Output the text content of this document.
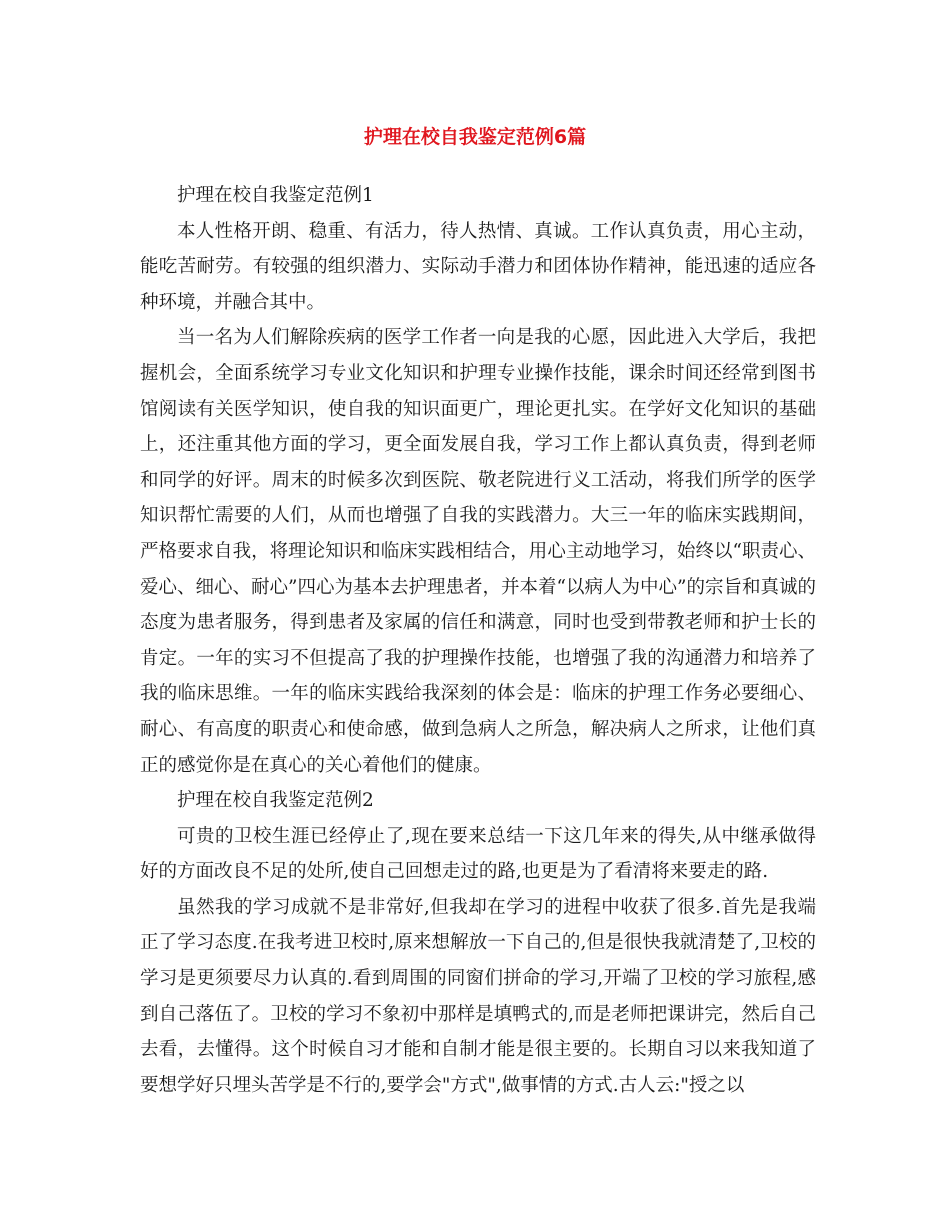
护理在校自我鉴定范例6篇

护理在校自我鉴定范例1

本人性格开朗、稳重、有活力，待人热情、真诚。工作认真负责，用心主动，能吃苦耐劳。有较强的组织潜力、实际动手潜力和团体协作精神，能迅速的适应各种环境，并融合其中。

当一名为人们解除疾病的医学工作者一向是我的心愿，因此进入大学后，我把握机会，全面系统学习专业文化知识和护理专业操作技能，课余时间还经常到图书馆阅读有关医学知识，使自我的知识面更广，理论更扎实。在学好文化知识的基础上，还注重其他方面的学习，更全面发展自我，学习工作上都认真负责，得到老师和同学的好评。周末的时候多次到医院、敬老院进行义工活动，将我们所学的医学知识帮忙需要的人们，从而也增强了自我的实践潜力。大三一年的临床实践期间，严格要求自我，将理论知识和临床实践相结合，用心主动地学习，始终以“职责心、爱心、细心、耐心”四心为基本去护理患者，并本着“以病人为中心”的宗旨和真诚的态度为患者服务，得到患者及家属的信任和满意，同时也受到带教老师和护士长的肯定。一年的实习不但提高了我的护理操作技能，也增强了我的沟通潜力和培养了我的临床思维。一年的临床实践给我深刻的体会是：临床的护理工作务必要细心、耐心、有高度的职责心和使命感，做到急病人之所急，解决病人之所求，让他们真正的感觉你是在真心的关心着他们的健康。

护理在校自我鉴定范例2

可贵的卫校生涯已经停止了,现在要来总结一下这几年来的得失,从中继承做得好的方面改良不足的处所,使自己回想走过的路,也更是为了看清将来要走的路.

虽然我的学习成就不是非常好,但我却在学习的进程中收获了很多.首先是我端正了学习态度.在我考进卫校时,原来想解放一下自己的,但是很快我就清楚了,卫校的学习是更须要尽力认真的.看到周围的同窗们拼命的学习,开端了卫校的学习旅程,感到自己落伍了。卫校的学习不象初中那样是填鸭式的,而是老师把课讲完，然后自己去看，去懂得。这个时候自习才能和自制才能是很主要的。长期自习以来我知道了要想学好只埋头苦学是不行的,要学会"方式",做事情的方式.古人云:"授之以
